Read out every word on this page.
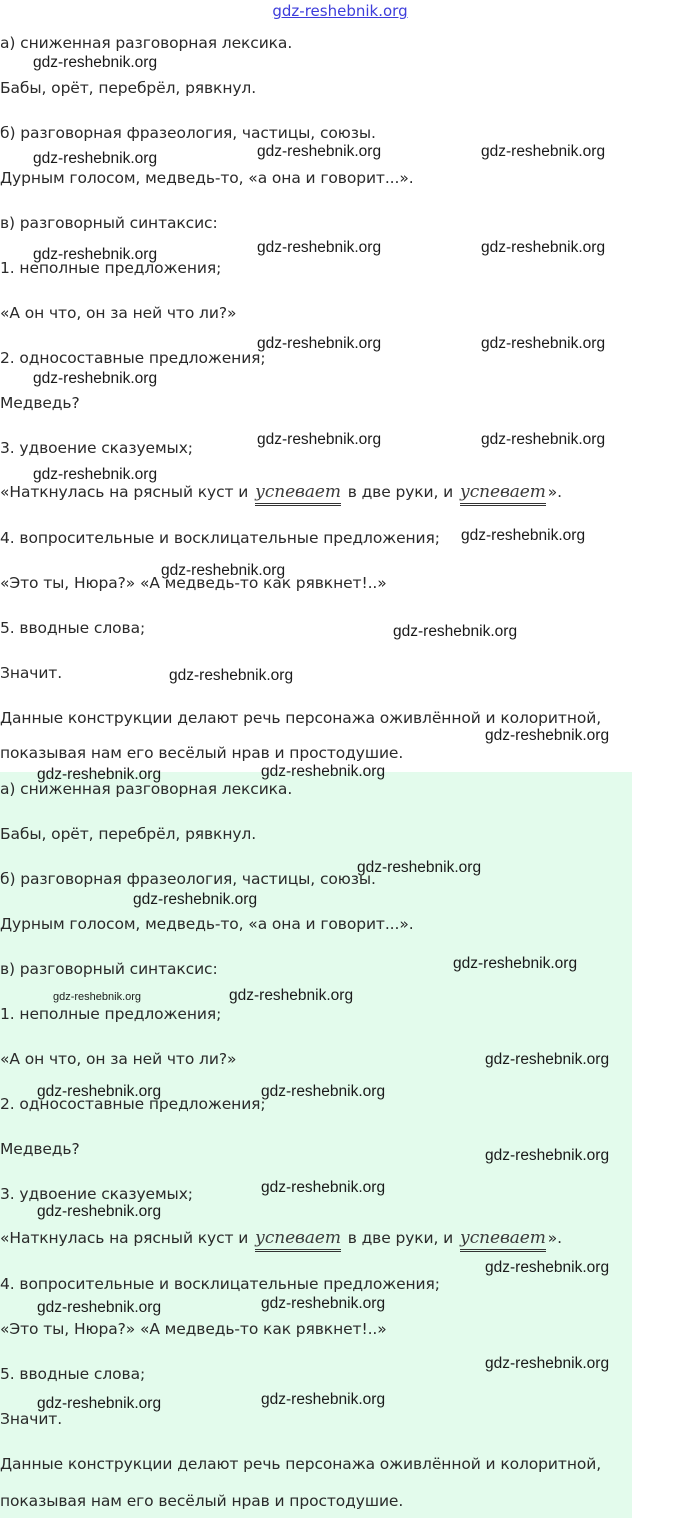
gdz-reshebnik.org
а) сниженная разговорная лексика.
Бабы, орёт, перебрёл, рявкнул.
б) разговорная фразеология, частицы, союзы.
Дурным голосом, медведь-то, «а она и говорит...».
в) разговорный синтаксис:
1. неполные предложения;
«А он что, он за ней что ли?»
2. односоставные предложения;
Медведь?
3. удвоение сказуемых;
«Наткнулась на рясный куст и успевает в две руки, и успевает ».
4. вопросительные и восклицательные предложения;
«Это ты, Нюра?» «А медведь-то как рявкнет!..»
5. вводные слова;
Значит.
Данные конструкции делают речь персонажа оживлённой и колоритной,
показывая нам его весёлый нрав и простодушие.
а) сниженная разговорная лексика.
Бабы, орёт, перебрёл, рявкнул.
б) разговорная фразеология, частицы, союзы.
Дурным голосом, медведь-то, «а она и говорит...».
в) разговорный синтаксис:
1. неполные предложения;
«А он что, он за ней что ли?»
2. односоставные предложения;
Медведь?
3. удвоение сказуемых;
«Наткнулась на рясный куст и успевает в две руки, и успевает ».
4. вопросительные и восклицательные предложения;
«Это ты, Нюра?» «А медведь-то как рявкнет!..»
5. вводные слова;
Значит.
Данные конструкции делают речь персонажа оживлённой и колоритной,
показывая нам его весёлый нрав и простодушие.
gdz-reshebnik.org
gdz-reshebnik.org	gdz-reshebnik.org	gdz-reshebnik.org
gdz-reshebnik.org	gdz-reshebnik.org	gdz-reshebnik.org
gdz-reshebnik.org	gdz-reshebnik.org
gdz-reshebnik.org
gdz-reshebnik.org	gdz-reshebnik.org
gdz-reshebnik.org
gdz-reshebnik.org
gdz-reshebnik.org
gdz-reshebnik.org
gdz-reshebnik.org
gdz-reshebnik.org
gdz-reshebnik.org	gdz-reshebnik.org
gdz-reshebnik.org
gdz-reshebnik.org
gdz-reshebnik.org
gdz-reshebnik.org	gdz-reshebnik.org
gdz-reshebnik.org
gdz-reshebnik.org	gdz-reshebnik.org
gdz-reshebnik.org
gdz-reshebnik.org
gdz-reshebnik.org
gdz-reshebnik.org
gdz-reshebnik.org	gdz-reshebnik.org
gdz-reshebnik.org
gdz-reshebnik.org	gdz-reshebnik.org
